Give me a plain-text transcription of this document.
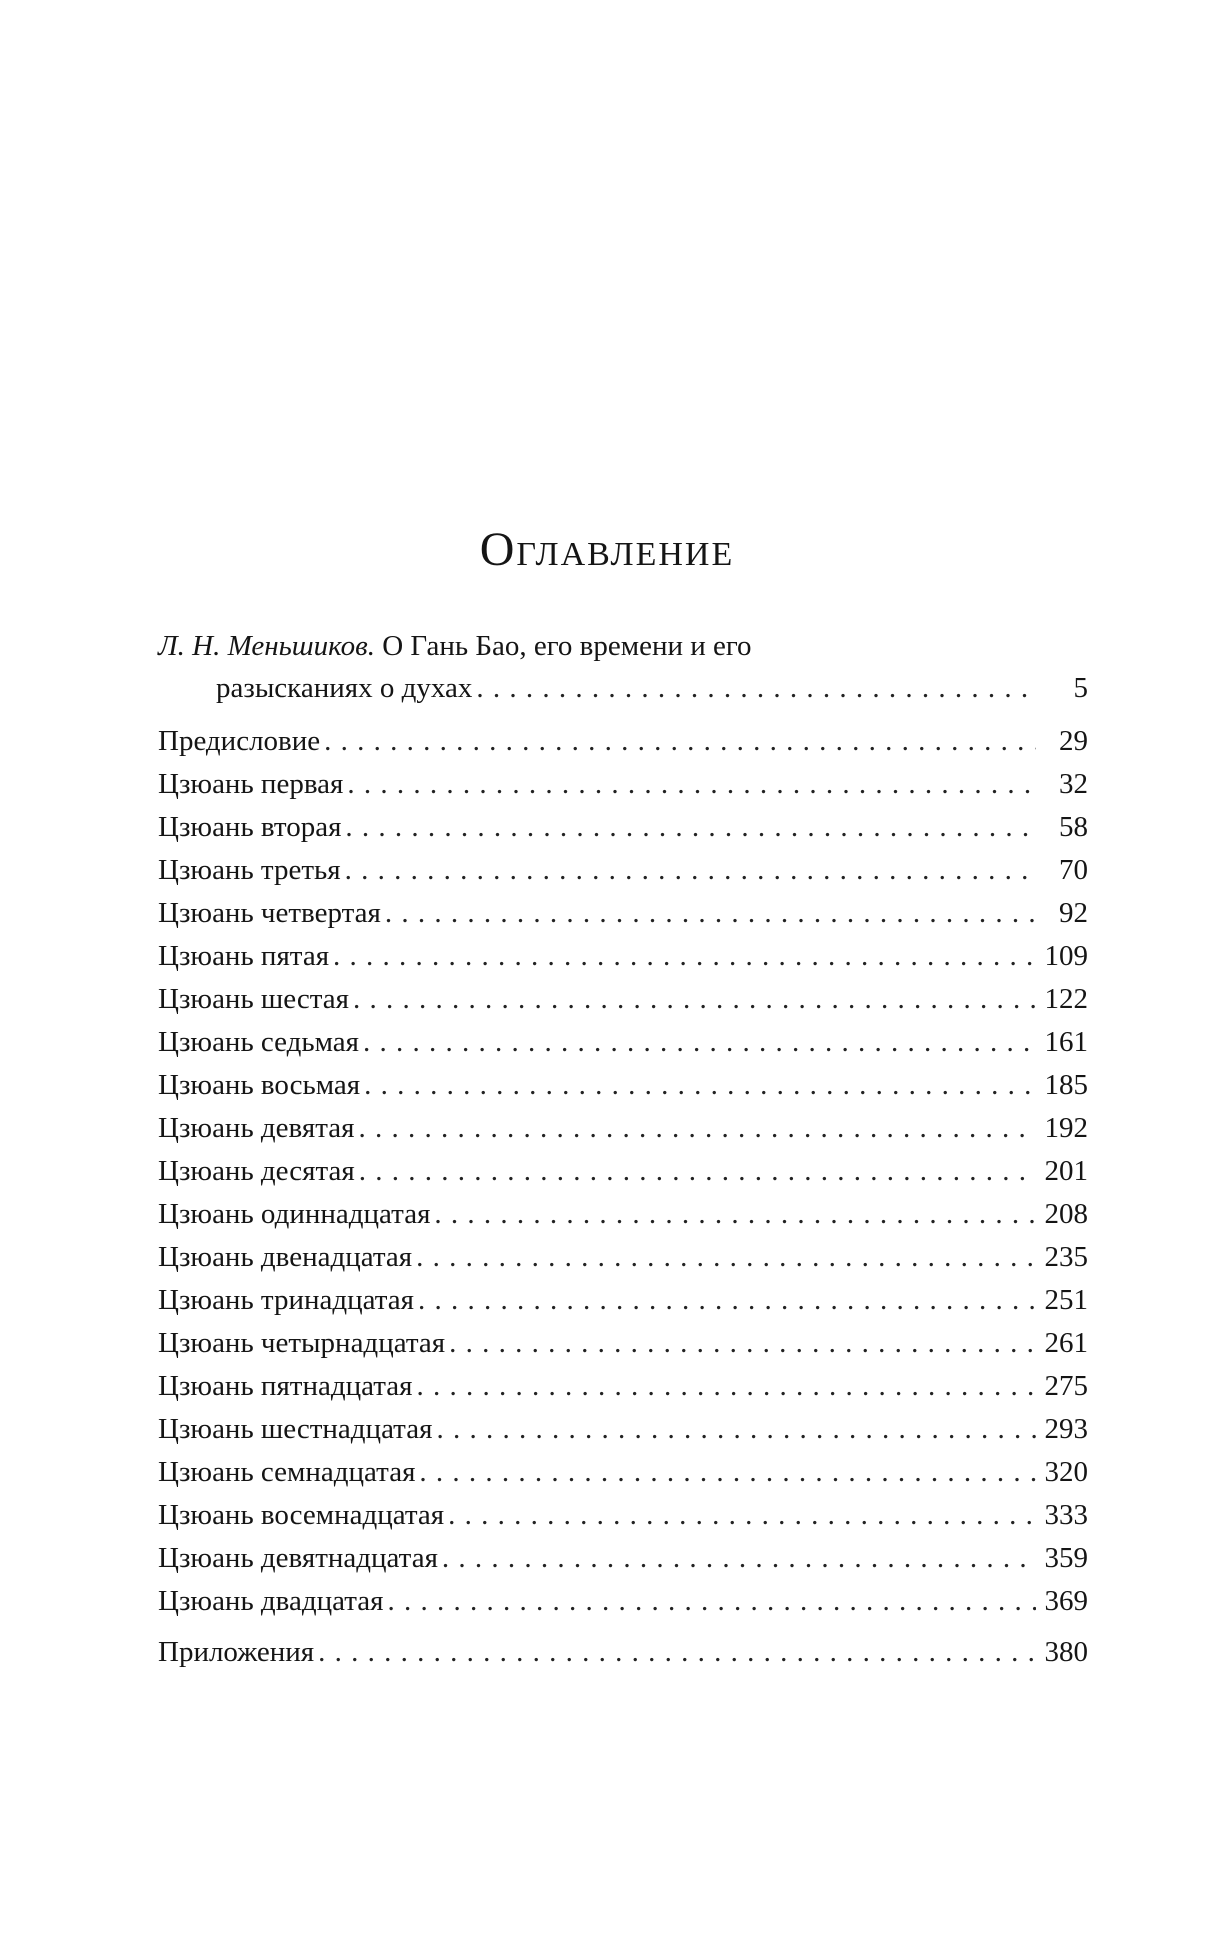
Оглавление
Л. Н. Меньшиков. О Гань Бао, его времени и его
разысканиях о духах . . .	5
Предисловие . . .	29
Цзюань первая . . .	32
Цзюань вторая . . .	58
Цзюань третья . . .	70
Цзюань четвертая . . .	92
Цзюань пятая . . .	109
Цзюань шестая . . .	122
Цзюань седьмая . . .	161
Цзюань восьмая . . .	185
Цзюань девятая . . .	192
Цзюань десятая . . .	201
Цзюань одиннадцатая . . .	208
Цзюань двенадцатая . . .	235
Цзюань тринадцатая . . .	251
Цзюань четырнадцатая . . .	261
Цзюань пятнадцатая . . .	275
Цзюань шестнадцатая . . .	293
Цзюань семнадцатая . . .	320
Цзюань восемнадцатая . . .	333
Цзюань девятнадцатая . . .	359
Цзюань двадцатая . . .	369
Приложения . . .	380
